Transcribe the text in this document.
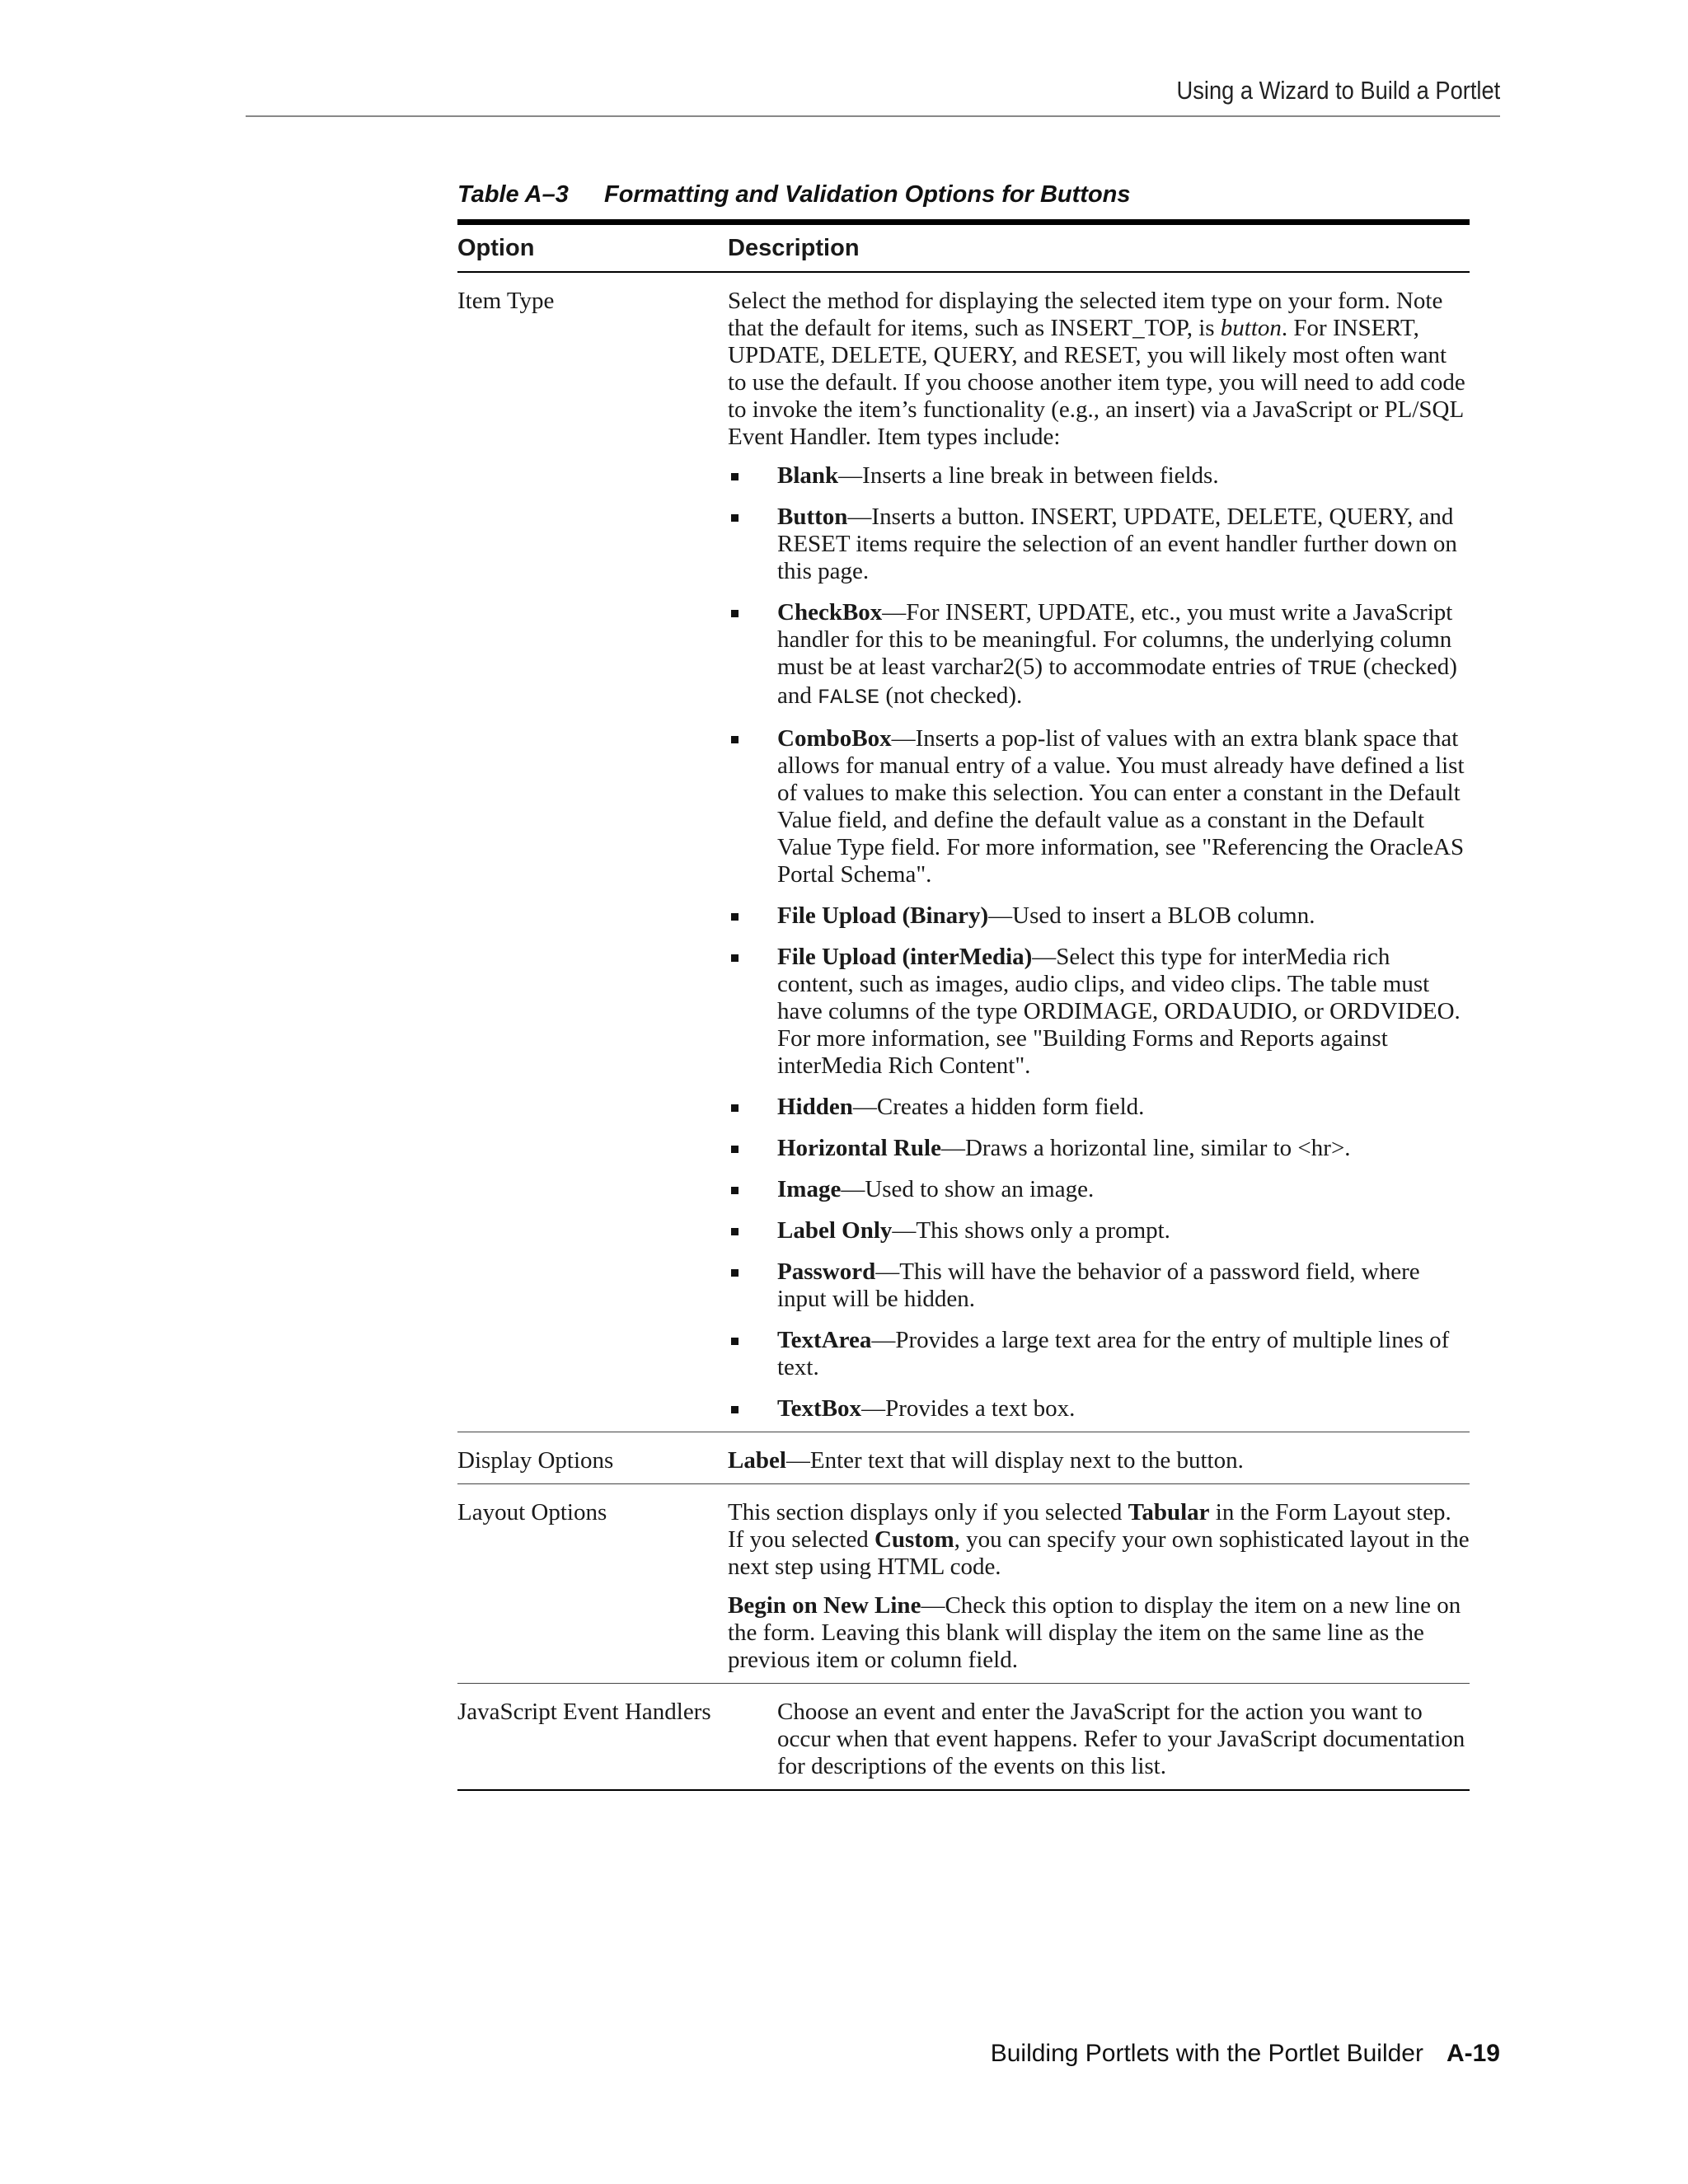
Using a Wizard to Build a Portlet
Table A–3 Formatting and Validation Options for Buttons
Option	Description
Item Type	Select the method for displaying the selected item type on your form. Note that the default for items, such as INSERT_TOP, is button. For INSERT, UPDATE, DELETE, QUERY, and RESET, you will likely most often want to use the default. If you choose another item type, you will need to add code to invoke the item’s functionality (e.g., an insert) via a JavaScript or PL/SQL Event Handler. Item types include:

Blank—Inserts a line break in between fields.
Button—Inserts a button. INSERT, UPDATE, DELETE, QUERY, and RESET items require the selection of an event handler further down on this page.
CheckBox—For INSERT, UPDATE, etc., you must write a JavaScript handler for this to be meaningful. For columns, the underlying column must be at least varchar2(5) to accommodate entries of TRUE (checked) and FALSE (not checked).
ComboBox—Inserts a pop-list of values with an extra blank space that allows for manual entry of a value. You must already have defined a list of values to make this selection. You can enter a constant in the Default Value field, and define the default value as a constant in the Default Value Type field. For more information, see "Referencing the OracleAS Portal Schema".
File Upload (Binary)—Used to insert a BLOB column.
File Upload (interMedia)—Select this type for interMedia rich content, such as images, audio clips, and video clips. The table must have columns of the type ORDIMAGE, ORDAUDIO, or ORDVIDEO. For more information, see "Building Forms and Reports against interMedia Rich Content".
Hidden—Creates a hidden form field.
Horizontal Rule—Draws a horizontal line, similar to <hr>.
Image—Used to show an image.
Label Only—This shows only a prompt.
Password—This will have the behavior of a password field, where input will be hidden.
TextArea—Provides a large text area for the entry of multiple lines of text.
TextBox—Provides a text box.
Display Options	Label—Enter text that will display next to the button.

Layout Options	This section displays only if you selected Tabular in the Form Layout step. If you selected Custom, you can specify your own sophisticated layout in the next step using HTML code.

Begin on New Line—Check this option to display the item on a new line on the form. Leaving this blank will display the item on the same line as the previous item or column field.

JavaScript Event Handlers	Choose an event and enter the JavaScript for the action you want to occur when that event happens. Refer to your JavaScript documentation for descriptions of the events on this list.

Building Portlets with the Portlet Builder A-19
